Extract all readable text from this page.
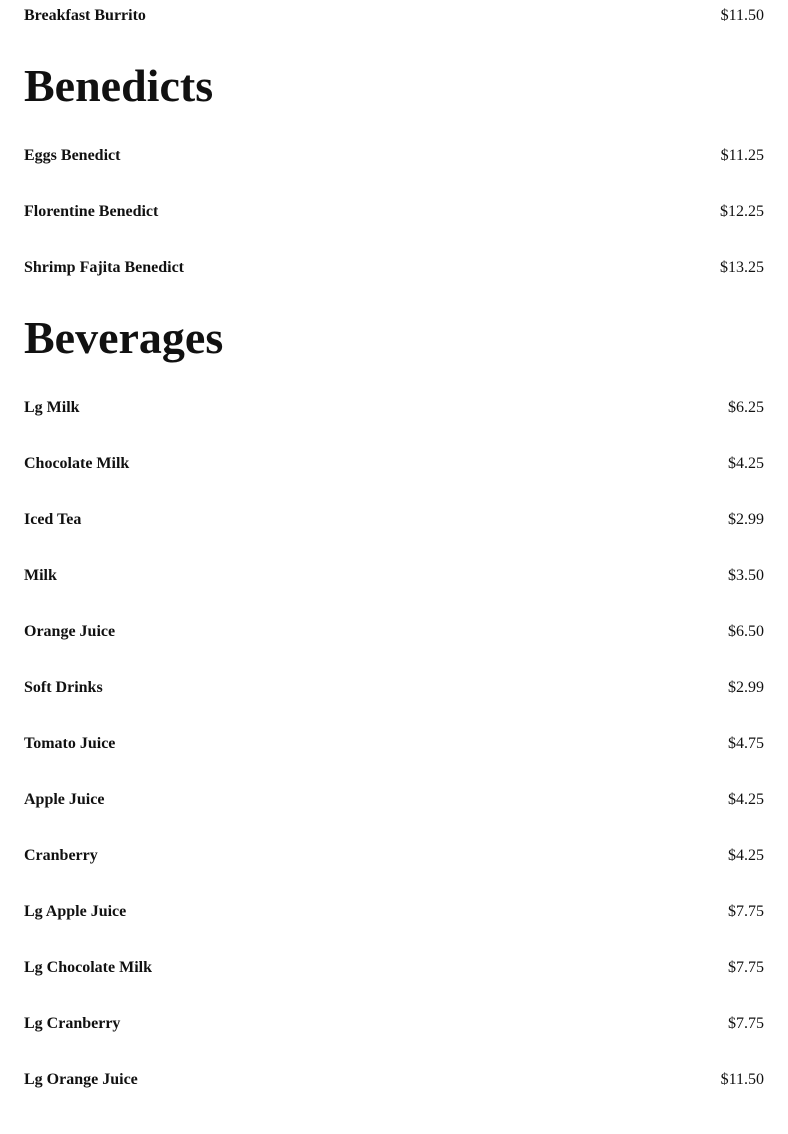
Breakfast Burrito	$11.50
Benedicts
Eggs Benedict	$11.25
Florentine Benedict	$12.25
Shrimp Fajita Benedict	$13.25
Beverages
Lg Milk	$6.25
Chocolate Milk	$4.25
Iced Tea	$2.99
Milk	$3.50
Orange Juice	$6.50
Soft Drinks	$2.99
Tomato Juice	$4.75
Apple Juice	$4.25
Cranberry	$4.25
Lg Apple Juice	$7.75
Lg Chocolate Milk	$7.75
Lg Cranberry	$7.75
Lg Orange Juice	$11.50
